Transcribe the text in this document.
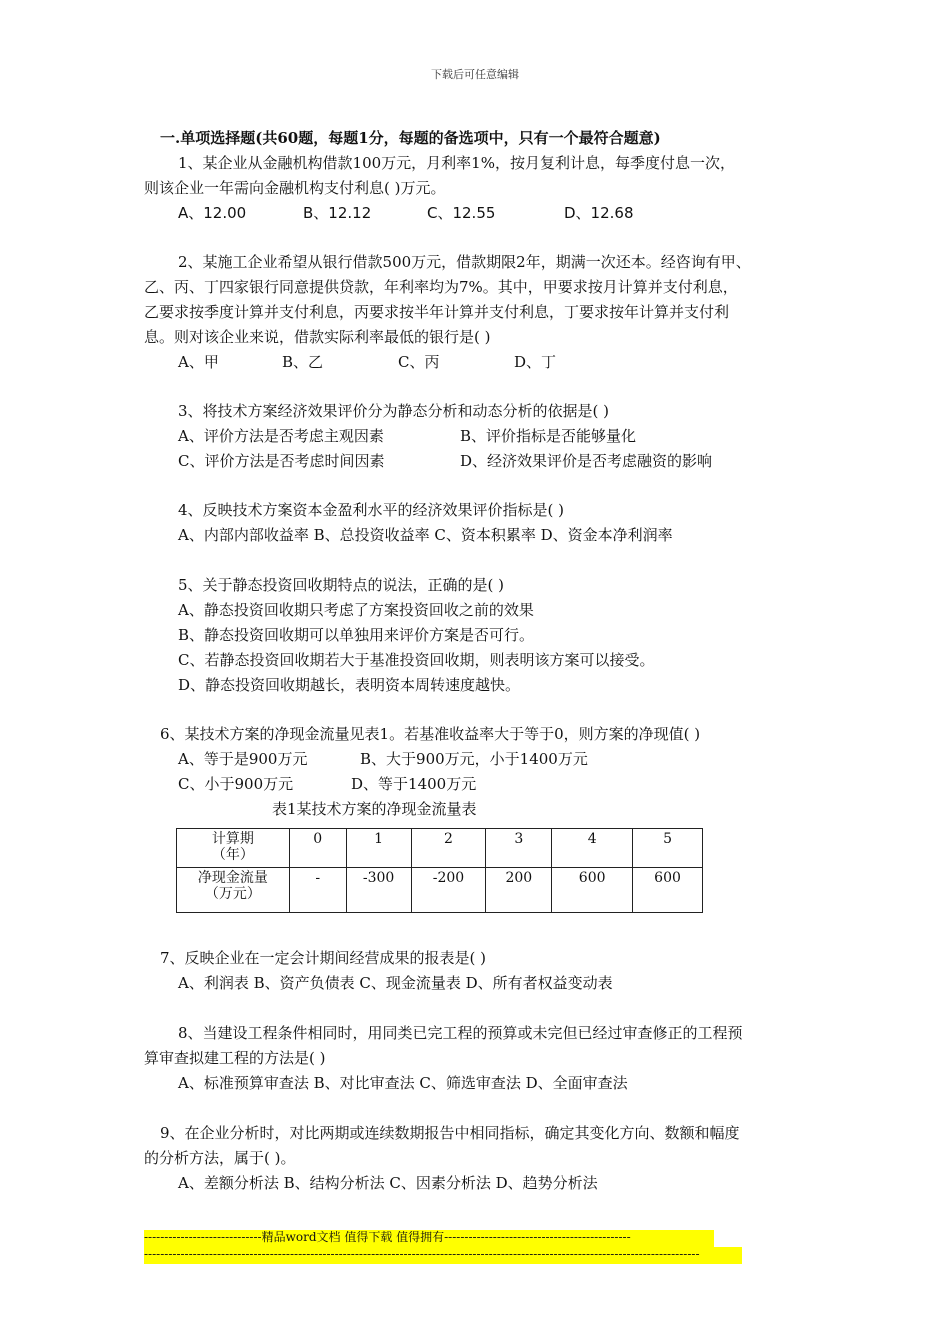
下载后可任意编辑
一.单项选择题(共60题，每题1分，每题的备选项中，只有一个最符合题意)
1、某企业从金融机构借款100万元，月利率1%，按月复利计息，每季度付息一次，
则该企业一年需向金融机构支付利息( )万元。
A、12.00	B、12.12	C、12.55	D、12.68
2、某施工企业希望从银行借款500万元，借款期限2年，期满一次还本。经咨询有甲、
乙、丙、丁四家银行同意提供贷款，年利率均为7%。其中，甲要求按月计算并支付利息，
乙要求按季度计算并支付利息，丙要求按半年计算并支付利息，丁要求按年计算并支付利
息。则对该企业来说，借款实际利率最低的银行是( )
A、甲	B、乙	C、丙	D、丁
3、将技术方案经济效果评价分为静态分析和动态分析的依据是( )
A、评价方法是否考虑主观因素	B、评价指标是否能够量化
C、评价方法是否考虑时间因素	D、经济效果评价是否考虑融资的影响
4、反映技术方案资本金盈利水平的经济效果评价指标是( )
A、内部内部收益率 B、总投资收益率 C、资本积累率 D、资金本净利润率
5、关于静态投资回收期特点的说法，正确的是( )
A、静态投资回收期只考虑了方案投资回收之前的效果
B、静态投资回收期可以单独用来评价方案是否可行。
C、若静态投资回收期若大于基准投资回收期，则表明该方案可以接受。
D、静态投资回收期越长，表明资本周转速度越快。
6、某技术方案的净现金流量见表1。若基准收益率大于等于0，则方案的净现值( )
A、等于是900万元	B、大于900万元，小于1400万元
C、小于900万元	D、等于1400万元
表1某技术方案的净现金流量表
计算期
（年）	0	1	2	3	4	5
净现金流量
（万元）	-	-300	-200	200	600	600
7、反映企业在一定会计期间经营成果的报表是( )
A、利润表 B、资产负债表 C、现金流量表 D、所有者权益变动表
8、当建设工程条件相同时，用同类已完工程的预算或未完但已经过审查修正的工程预
算审查拟建工程的方法是( )
A、标准预算审查法 B、对比审查法 C、筛选审查法 D、全面审查法
9、在企业分析时，对比两期或连续数期报告中相同指标，确定其变化方向、数额和幅度
的分析方法，属于( )。
A、差额分析法 B、结构分析法 C、因素分析法 D、趋势分析法
-----------------------------精品word文档 值得下载 值得拥有----------------------------------------------
-----------------------------------------------------------------------------------------------------------------------------------------
